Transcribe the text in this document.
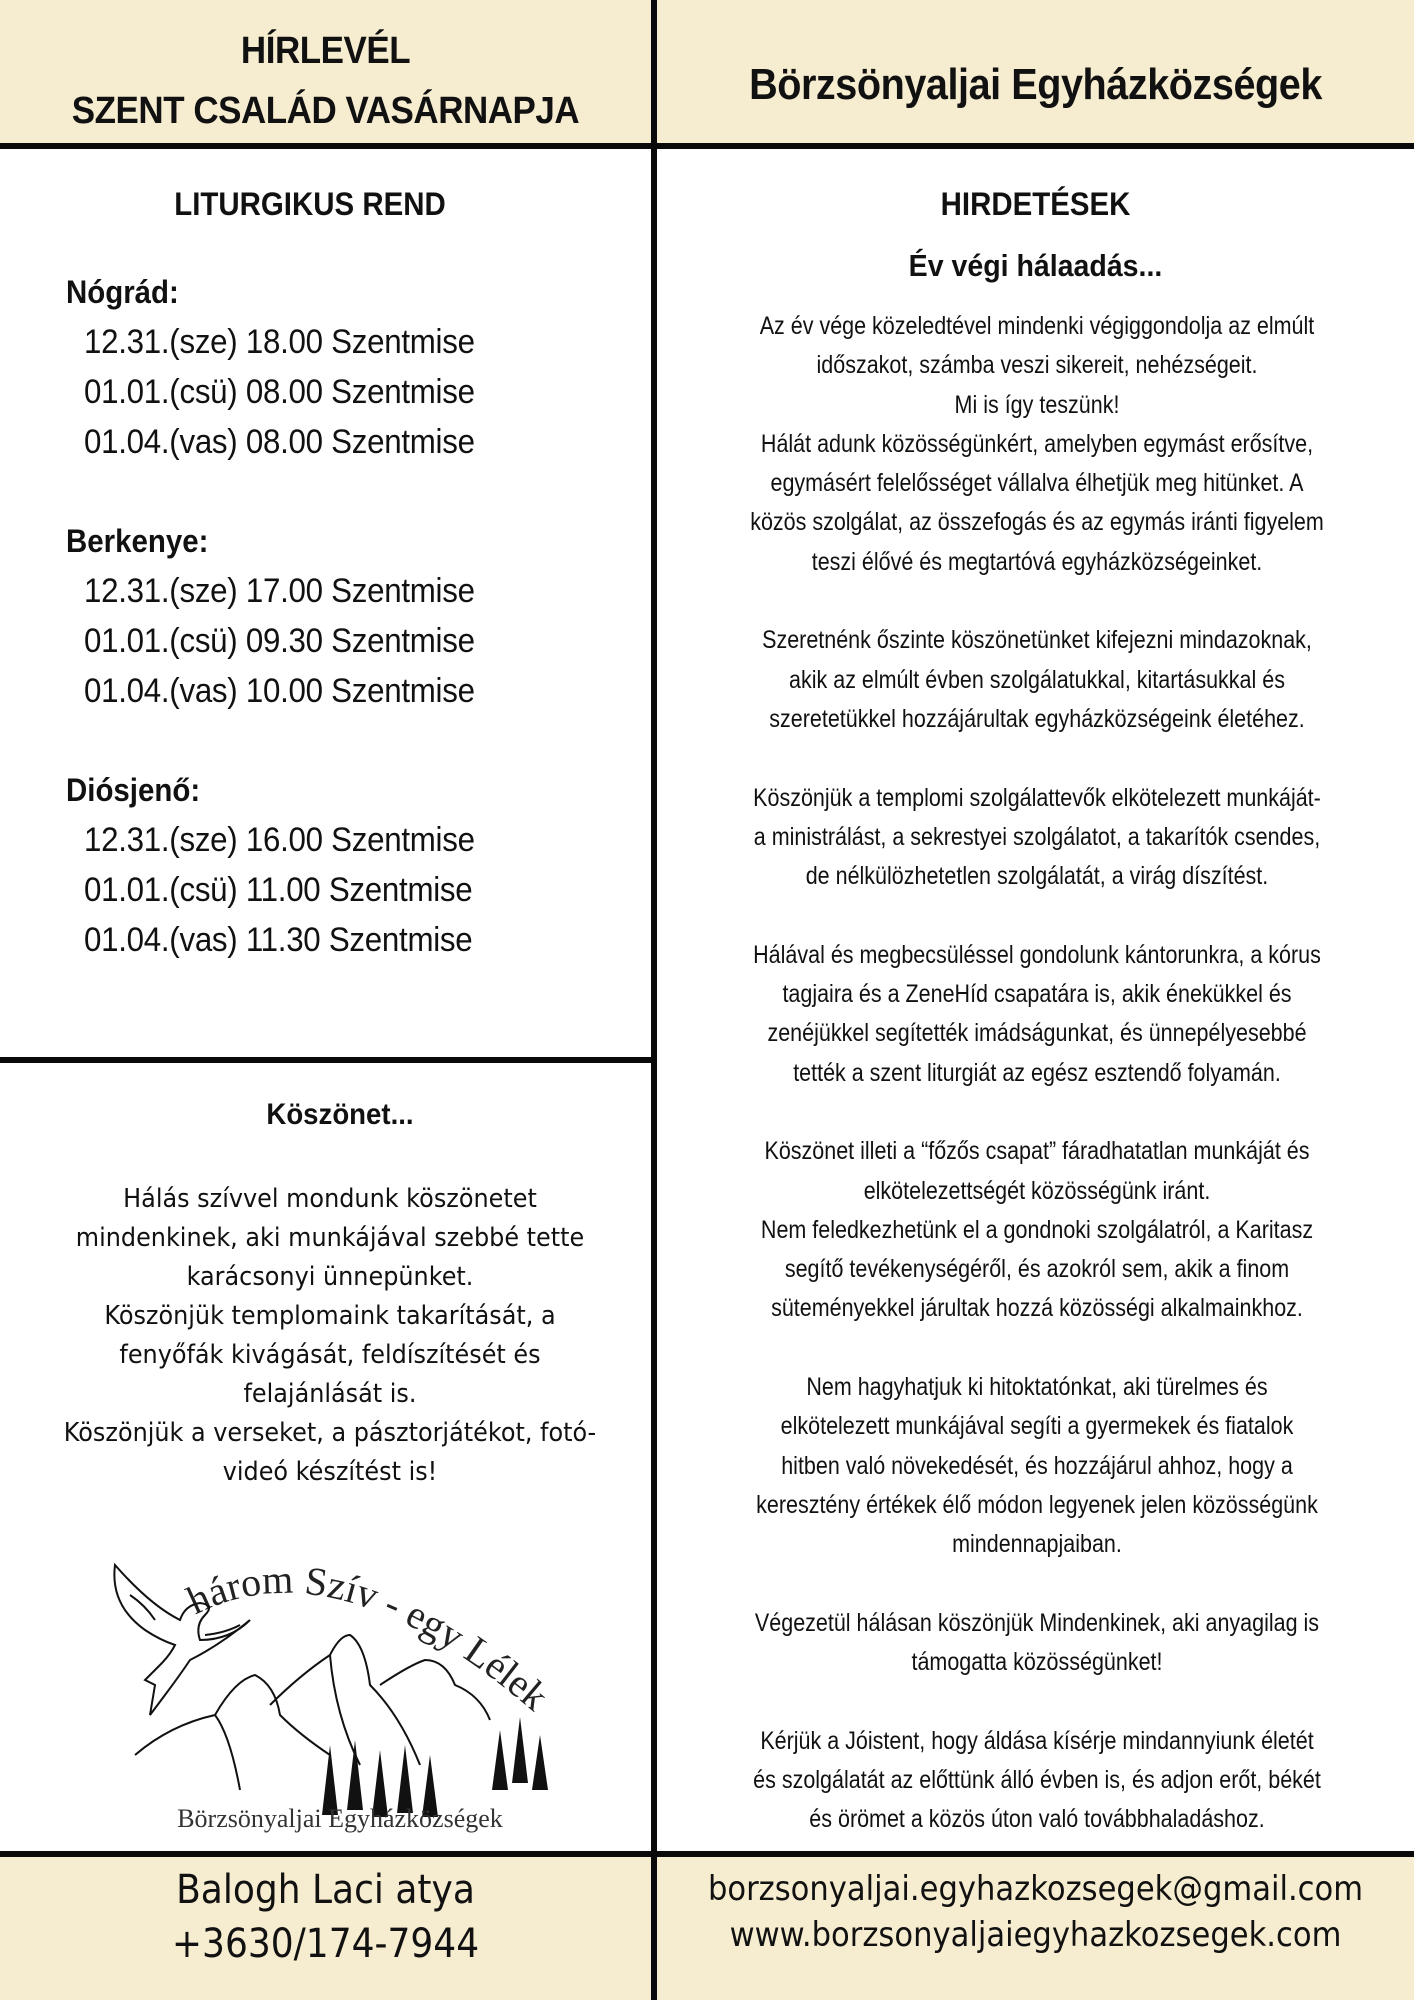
HÍRLEVÉL
SZENT CSALÁD VASÁRNAPJA
Börzsönyaljai Egyházközségek
LITURGIKUS REND
Nógrád:
12.31.(sze) 18.00 Szentmise
01.01.(csü) 08.00 Szentmise
01.04.(vas) 08.00 Szentmise
Berkenye:
12.31.(sze) 17.00 Szentmise
01.01.(csü) 09.30 Szentmise
01.04.(vas) 10.00 Szentmise
Diósjenő:
12.31.(sze) 16.00 Szentmise
01.01.(csü) 11.00 Szentmise
01.04.(vas) 11.30 Szentmise
Köszönet...

Hálás szívvel mondunk köszönetet

mindenkinek, aki munkájával szebbé tette

karácsonyi ünnepünket.

Köszönjük templomaink takarítását, a

fenyőfák kivágását, feldíszítését és

felajánlását is.

Köszönjük a verseket, a pásztorjátékot, fotó-

videó készítést is!

három Szív - egy Lélek
Börzsönyaljai Egyházközségek
HIRDETÉSEK
Év végi hálaadás...

Az év vége közeledtével mindenki végiggondolja az elmúlt

időszakot, számba veszi sikereit, nehézségeit.

Mi is így teszünk!

Hálát adunk közösségünkért, amelyben egymást erősítve,

egymásért felelősséget vállalva élhetjük meg hitünket. A

közös szolgálat, az összefogás és az egymás iránti figyelem

teszi élővé és megtartóvá egyházközségeinket.

Szeretnénk őszinte köszönetünket kifejezni mindazoknak,

akik az elmúlt évben szolgálatukkal, kitartásukkal és

szeretetükkel hozzájárultak egyházközségeink életéhez.

Köszönjük a templomi szolgálattevők elkötelezett munkáját-

a ministrálást, a sekrestyei szolgálatot, a takarítók csendes,

de nélkülözhetetlen szolgálatát, a virág díszítést.

Hálával és megbecsüléssel gondolunk kántorunkra, a kórus

tagjaira és a ZeneHíd csapatára is, akik énekükkel és

zenéjükkel segítették imádságunkat, és ünnepélyesebbé

tették a szent liturgiát az egész esztendő folyamán.

Köszönet illeti a “főzős csapat” fáradhatatlan munkáját és

elkötelezettségét közösségünk iránt.

Nem feledkezhetünk el a gondnoki szolgálatról, a Karitasz

segítő tevékenységéről, és azokról sem, akik a finom

süteményekkel járultak hozzá közösségi alkalmainkhoz.

Nem hagyhatjuk ki hitoktatónkat, aki türelmes és

elkötelezett munkájával segíti a gyermekek és fiatalok

hitben való növekedését, és hozzájárul ahhoz, hogy a

keresztény értékek élő módon legyenek jelen közösségünk

mindennapjaiban.

Végezetül hálásan köszönjük Mindenkinek, aki anyagilag is

támogatta közösségünket!

Kérjük a Jóistent, hogy áldása kísérje mindannyiunk életét

és szolgálatát az előttünk álló évben is, és adjon erőt, békét

és örömet a közös úton való továbbhaladáshoz.

Balogh Laci atya
+3630/174-7944
borzsonyaljai.egyhazkozsegek@gmail.com
www.borzsonyaljaiegyhazkozsegek.com
